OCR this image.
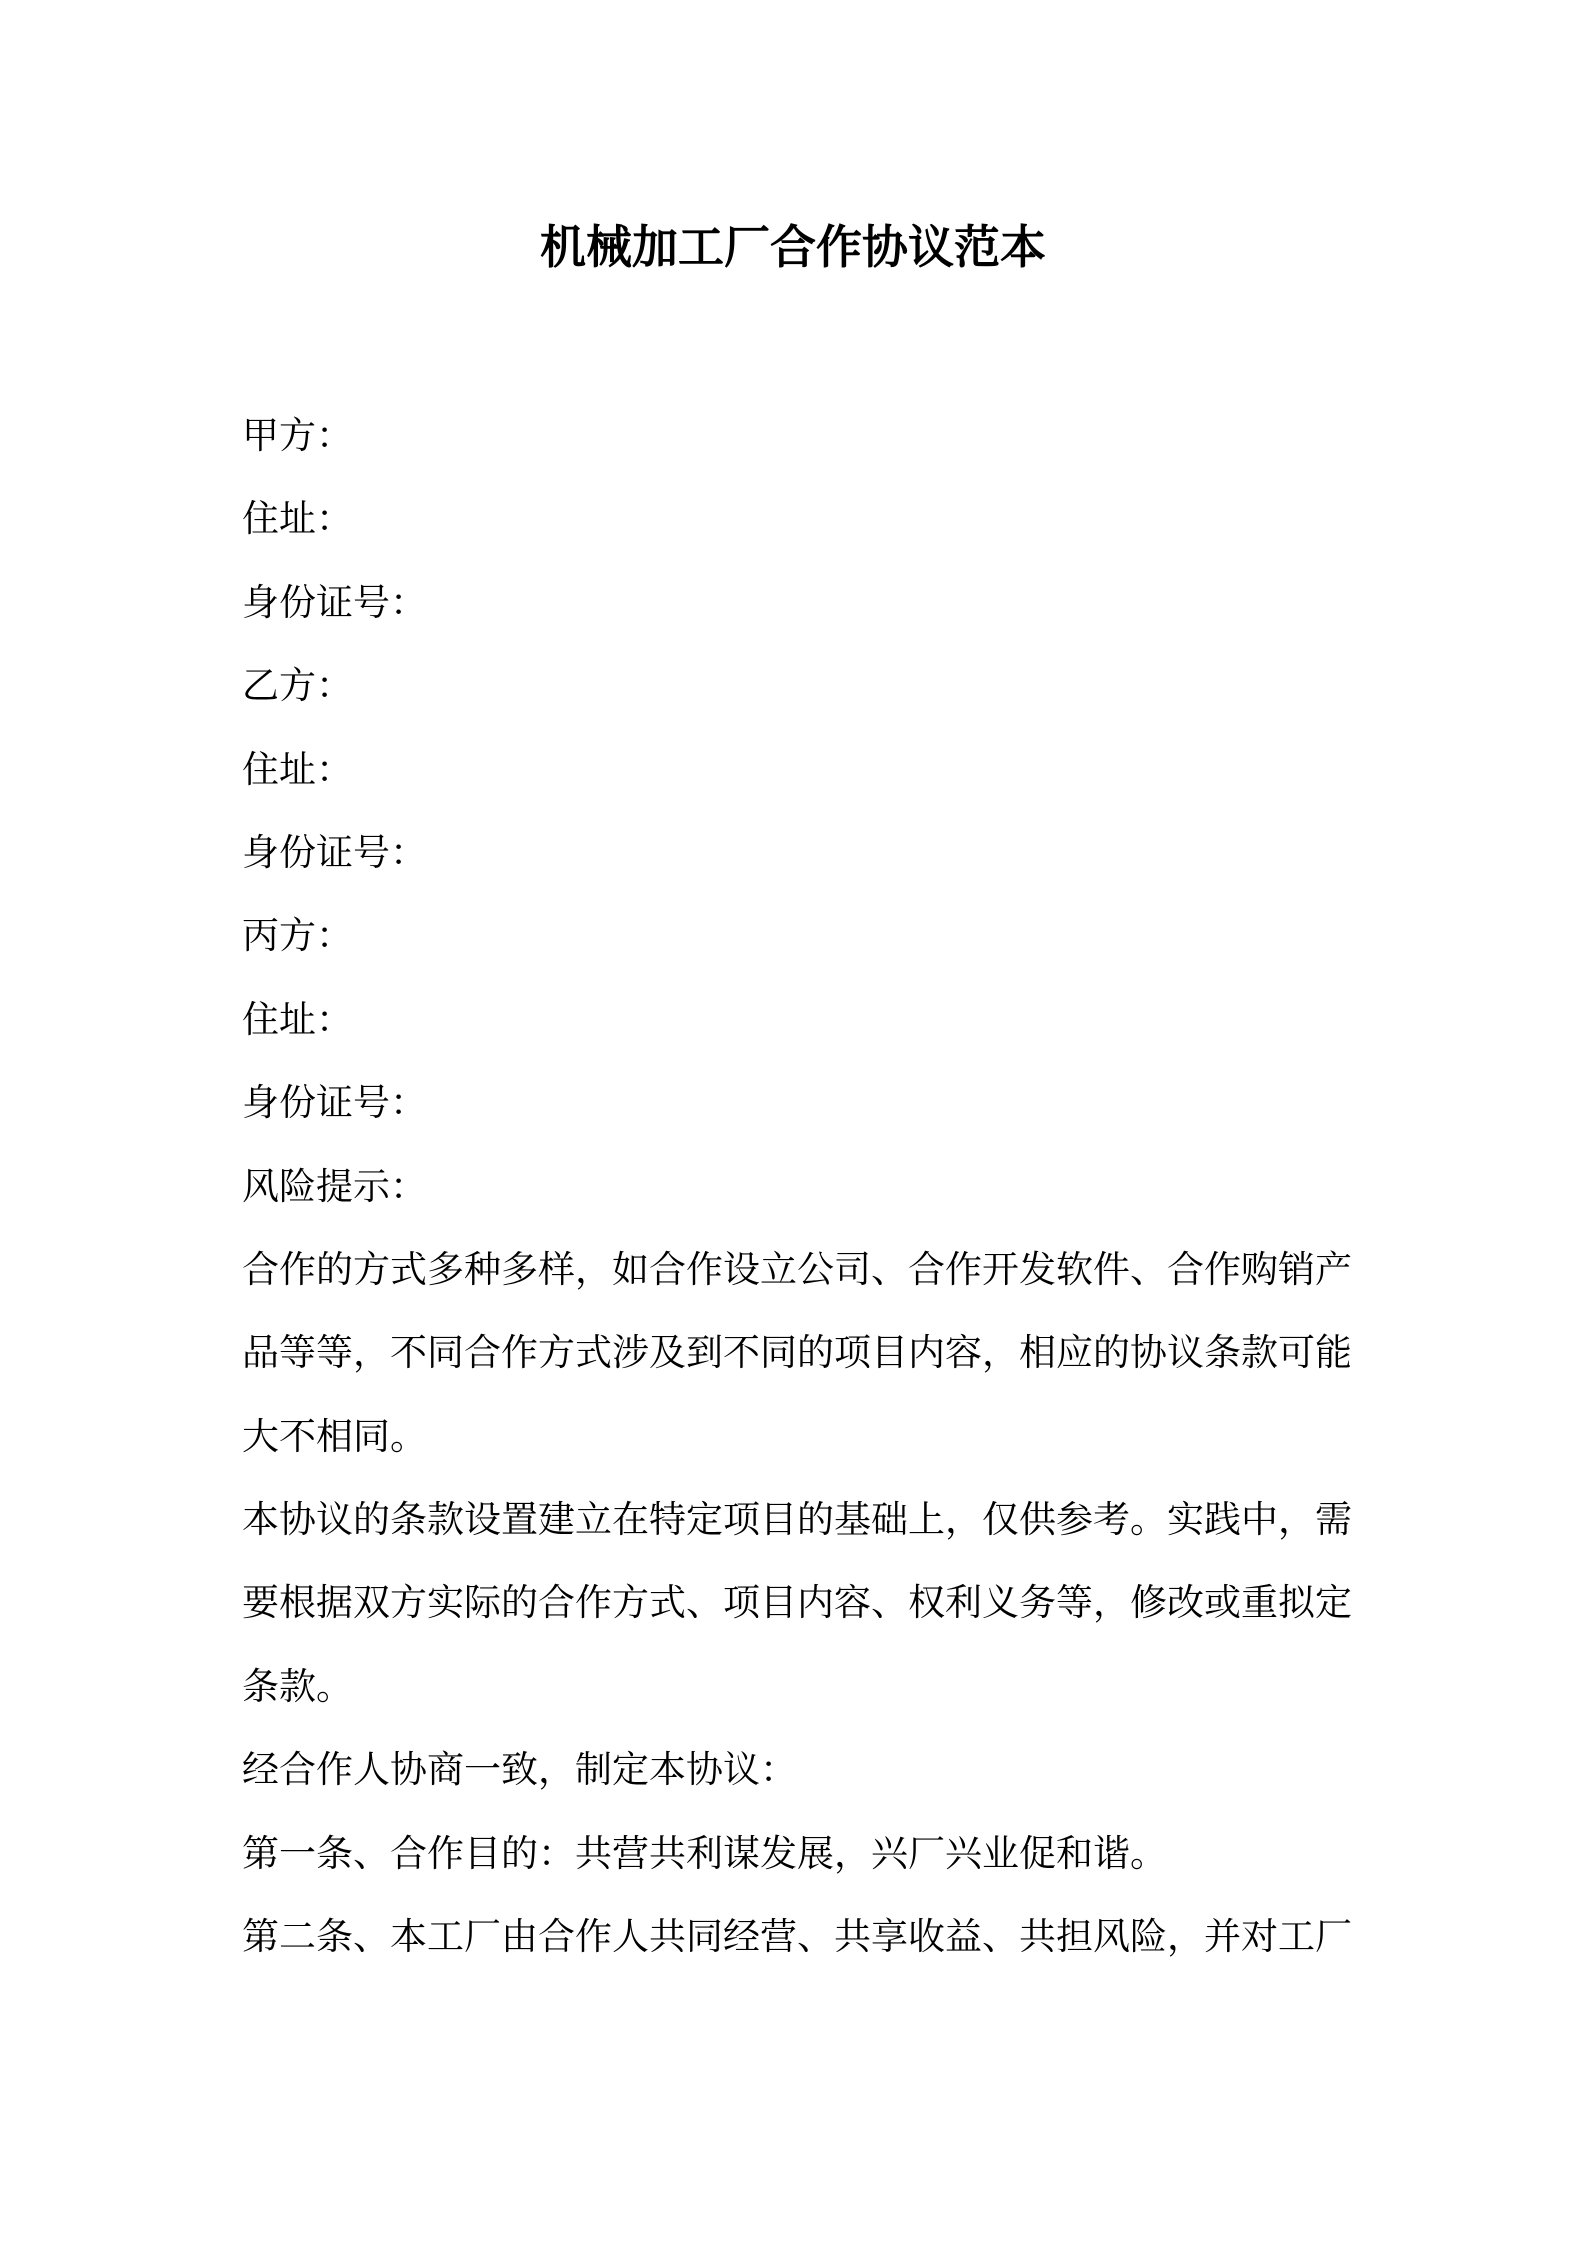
机械加工厂合作协议范本
甲方：
住址：
身份证号：
乙方：
住址：
身份证号：
丙方：
住址：
身份证号：
风险提示：

合作的方式多种多样，如合作设立公司、合作开发软件、合作购销产
品等等，不同合作方式涉及到不同的项目内容，相应的协议条款可能
大不相同。

本协议的条款设置建立在特定项目的基础上，仅供参考。实践中，需
要根据双方实际的合作方式、项目内容、权利义务等，修改或重拟定
条款。

经合作人协商一致，制定本协议：
第一条、合作目的：共营共利谋发展，兴厂兴业促和谐。
第二条、本工厂由合作人共同经营、共享收益、共担风险，并对工厂
